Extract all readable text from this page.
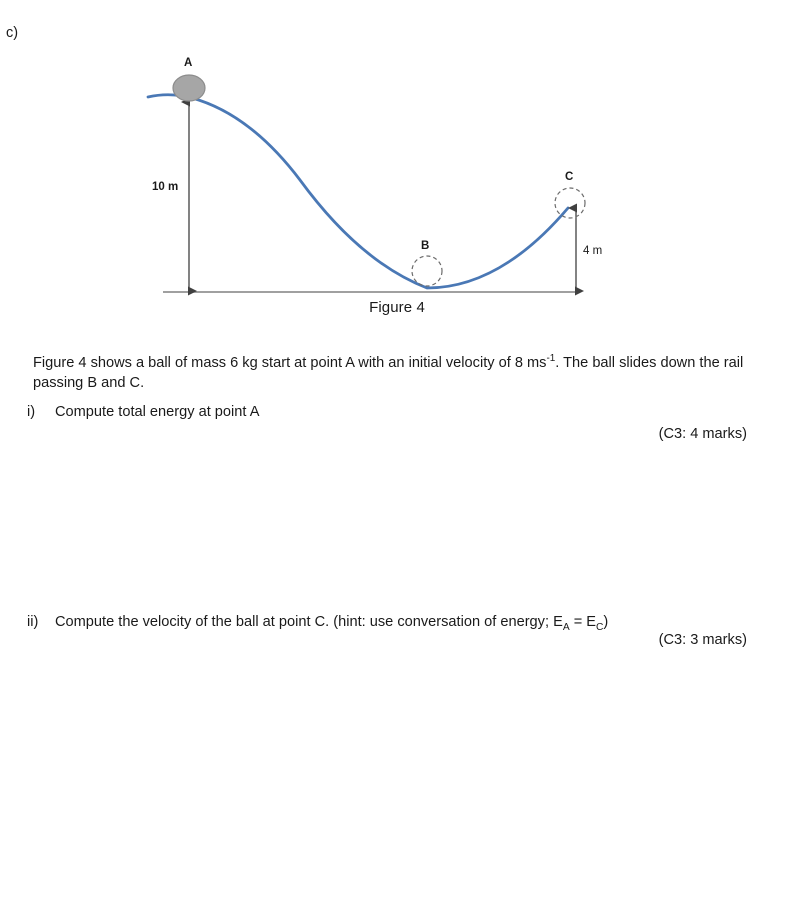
c)
A
B
C
10 m
4 m
Figure 4

Figure 4 shows a ball of mass 6 kg start at point A with an initial velocity of 8 $ms^{-1}$. The ball slides down the rail passing B and C.

i)	Compute total energy at point A
(C3: 4 marks)
ii)	Compute the velocity of the ball at point C. (hint: use conversation of energy; $E_A = E_C$)
(C3: 3 marks)
